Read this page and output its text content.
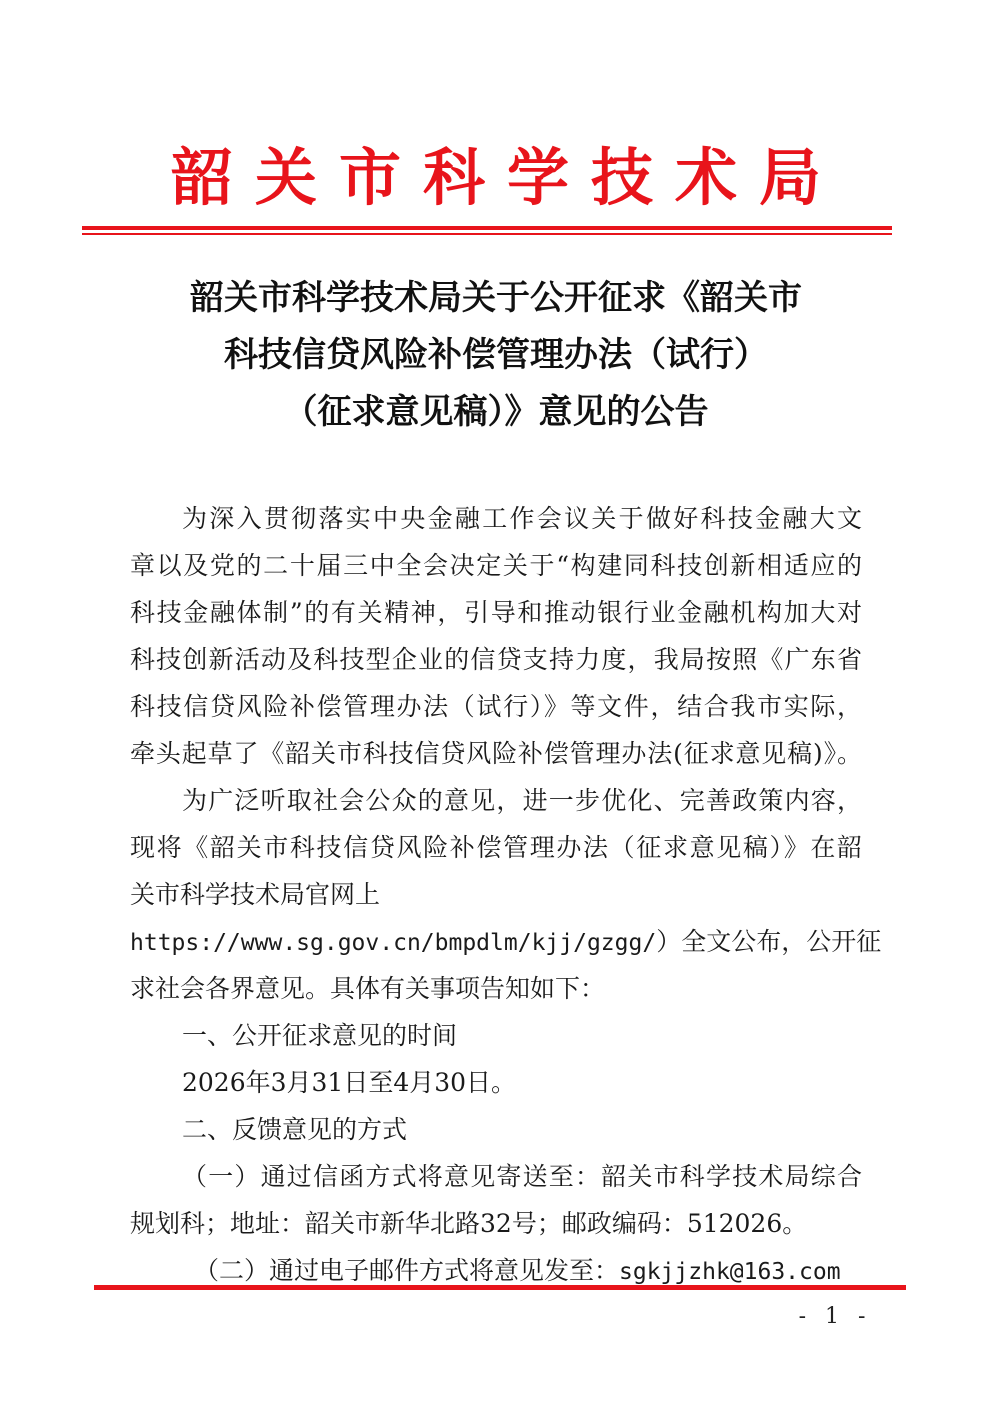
韶关市科学技术局
韶关市科学技术局关于公开征求《韶关市
科技信贷风险补偿管理办法（试行）
（征求意见稿）》意见的公告
为深入贯彻落实中央金融工作会议关于做好科技金融大文
章以及党的二十届三中全会决定关于“构建同科技创新相适应的
科技金融体制”的有关精神，引导和推动银行业金融机构加大对
科技创新活动及科技型企业的信贷支持力度，我局按照《广东省
科技信贷风险补偿管理办法（试行）》等文件，结合我市实际，
牵头起草了《韶关市科技信贷风险补偿管理办法(征求意见稿)》。
为广泛听取社会公众的意见，进一步优化、完善政策内容，
现将《韶关市科技信贷风险补偿管理办法（征求意见稿）》在韶
关市科学技术局官网上
https://www.sg.gov.cn/bmpdlm/kjj/gzgg/）全文公布，公开征
求社会各界意见。具体有关事项告知如下：
一、公开征求意见的时间
2026年3月31日至4月30日。
二、反馈意见的方式
（一）通过信函方式将意见寄送至：韶关市科学技术局综合
规划科；地址：韶关市新华北路32号；邮政编码：512026。
（二）通过电子邮件方式将意见发至：sgkjjzhk@163.com
- 1 -
